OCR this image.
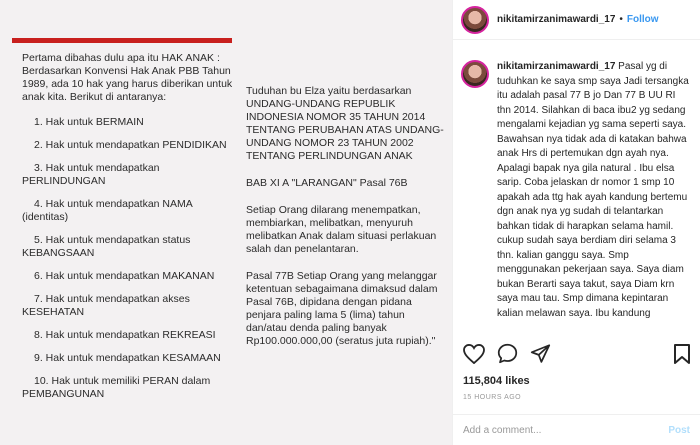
Pertama dibahas dulu apa itu HAK ANAK : Berdasarkan Konvensi Hak Anak PBB Tahun 1989, ada 10 hak yang harus diberikan untuk anak kita. Berikut di antaranya:

1. Hak untuk BERMAIN

2. Hak untuk mendapatkan PENDIDIKAN

3. Hak untuk mendapatkan

PERLINDUNGAN

4. Hak untuk mendapatkan NAMA

(identitas)

5. Hak untuk mendapatkan status

KEBANGSAAN

6. Hak untuk mendapatkan MAKANAN

7. Hak untuk mendapatkan akses

KESEHATAN

8. Hak untuk mendapatkan REKREASI

9. Hak untuk mendapatkan KESAMAAN

10. Hak untuk memiliki PERAN dalam

PEMBANGUNAN

Tuduhan bu Elza yaitu berdasarkan UNDANG-UNDANG REPUBLIK INDONESIA NOMOR 35 TAHUN 2014 TENTANG PERUBAHAN ATAS UNDANG-UNDANG NOMOR 23 TAHUN 2002 TENTANG PERLINDUNGAN ANAK

BAB XI A "LARANGAN" Pasal 76B

Setiap Orang dilarang menempatkan, membiarkan, melibatkan, menyuruh melibatkan Anak dalam situasi perlakuan salah dan penelantaran.

Pasal 77B Setiap Orang yang melanggar ketentuan sebagaimana dimaksud dalam Pasal 76B, dipidana dengan pidana penjara paling lama 5 (lima) tahun dan/atau denda paling banyak Rp100.000.000,00 (seratus juta rupiah)."

nikitamirzanimawardi_17 • Follow
nikitamirzanimawardi_17 Pasal yg di tuduhkan ke saya smp saya Jadi tersangka itu adalah pasal 77 B jo Dan 77 B UU RI thn 2014. Silahkan di baca ibu2 yg sedang mengalami kejadian yg sama seperti saya. Bawahsan nya tidak ada di katakan bahwa anak Hrs di pertemukan dgn ayah nya. Apalagi bapak nya gila natural . Ibu elsa sarip. Coba jelaskan dr nomor 1 smp 10 apakah ada ttg hak ayah kandung bertemu dgn anak nya yg sudah di telantarkan bahkan tidak di harapkan selama hamil. cukup sudah saya berdiam diri selama 3 thn. kalian ganggu saya. Smp menggunakan pekerjaan saya. Saya diam bukan Berarti saya takut, saya Diam krn saya mau tau. Smp dimana kepintaran kalian melawan saya. Ibu kandung
115,804 likes
15 HOURS AGO
Add a comment...
Post
